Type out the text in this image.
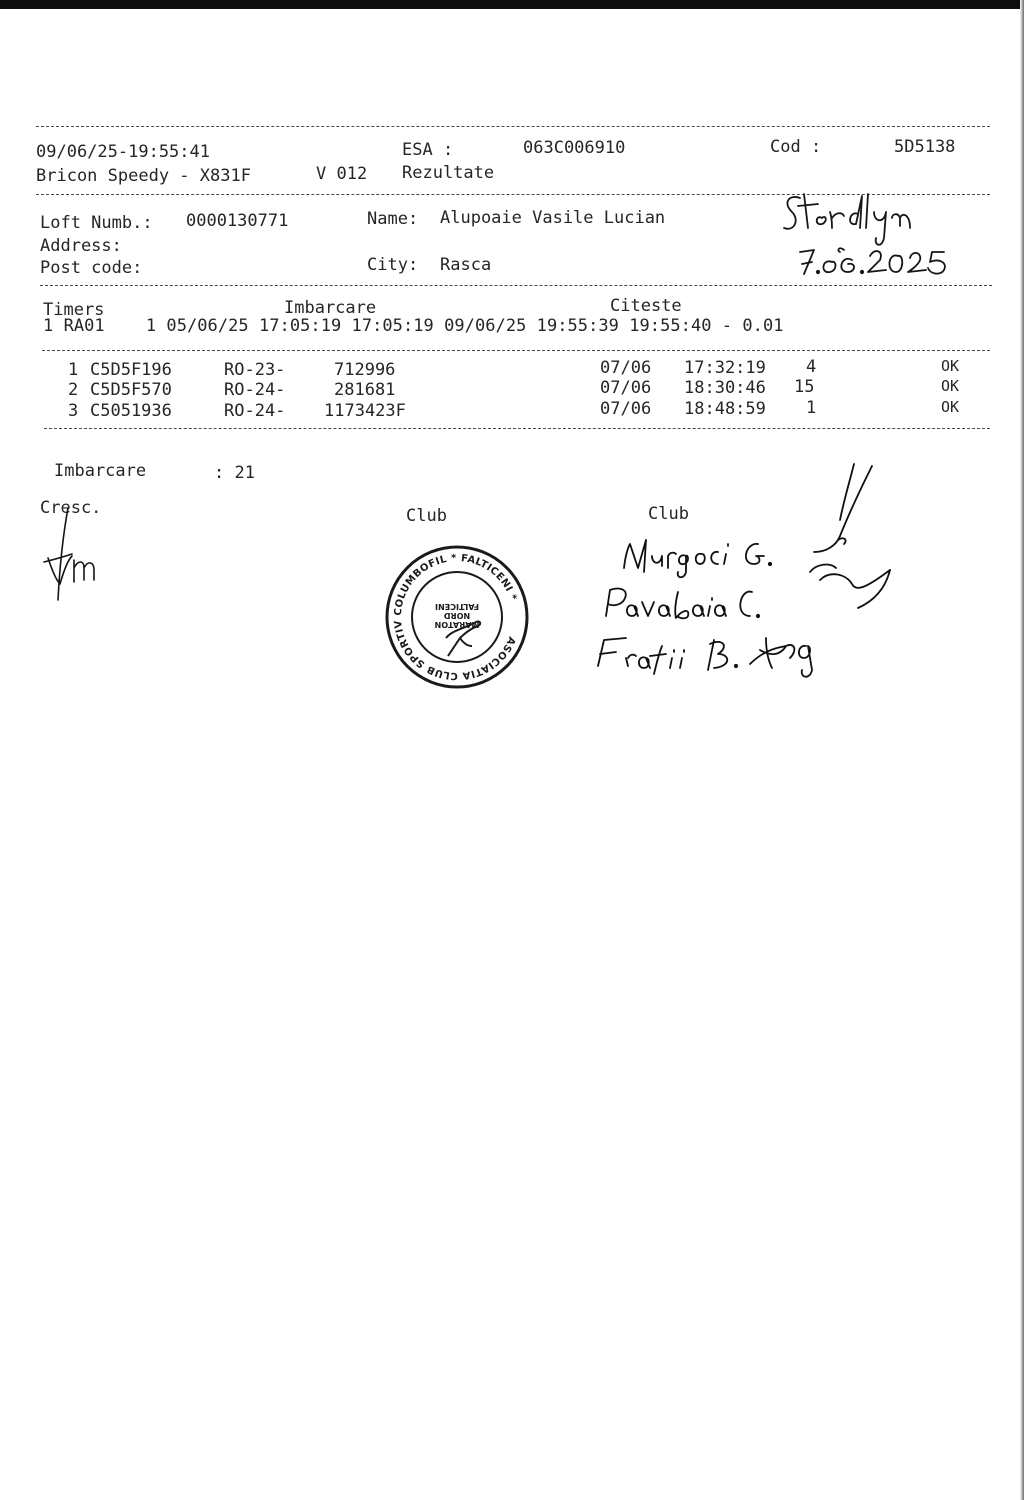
09/06/25-19:55:41	ESA :	063C006910	Cod :	5D5138
Bricon Speedy - X831F	V 012 Rezultate
Loft Numb.: 0000130771	Name: Alupoaie Vasile Lucian
Address:
Post code:	City: Rasca
Timers	Imbarcare	Citeste
1 RA01    1 05/06/25 17:05:19 17:05:19 09/06/25 19:55:39 19:55:40 - 0.01
1 C5D5F196	RO-23-	712996	07/06 17:32:19 4	OK
2 C5D5F570	RO-24-	281681	07/06 18:30:46 15	OK
3 C5051936	RO-24- 1173423F	07/06 18:48:59 1	OK
Imbarcare	: 21
Cresc.	Club	Club
ASOCIATIA CLUB SPORTIV COLUMBOFIL * FALTICENI *
MARATON NORD
FALTICENI
